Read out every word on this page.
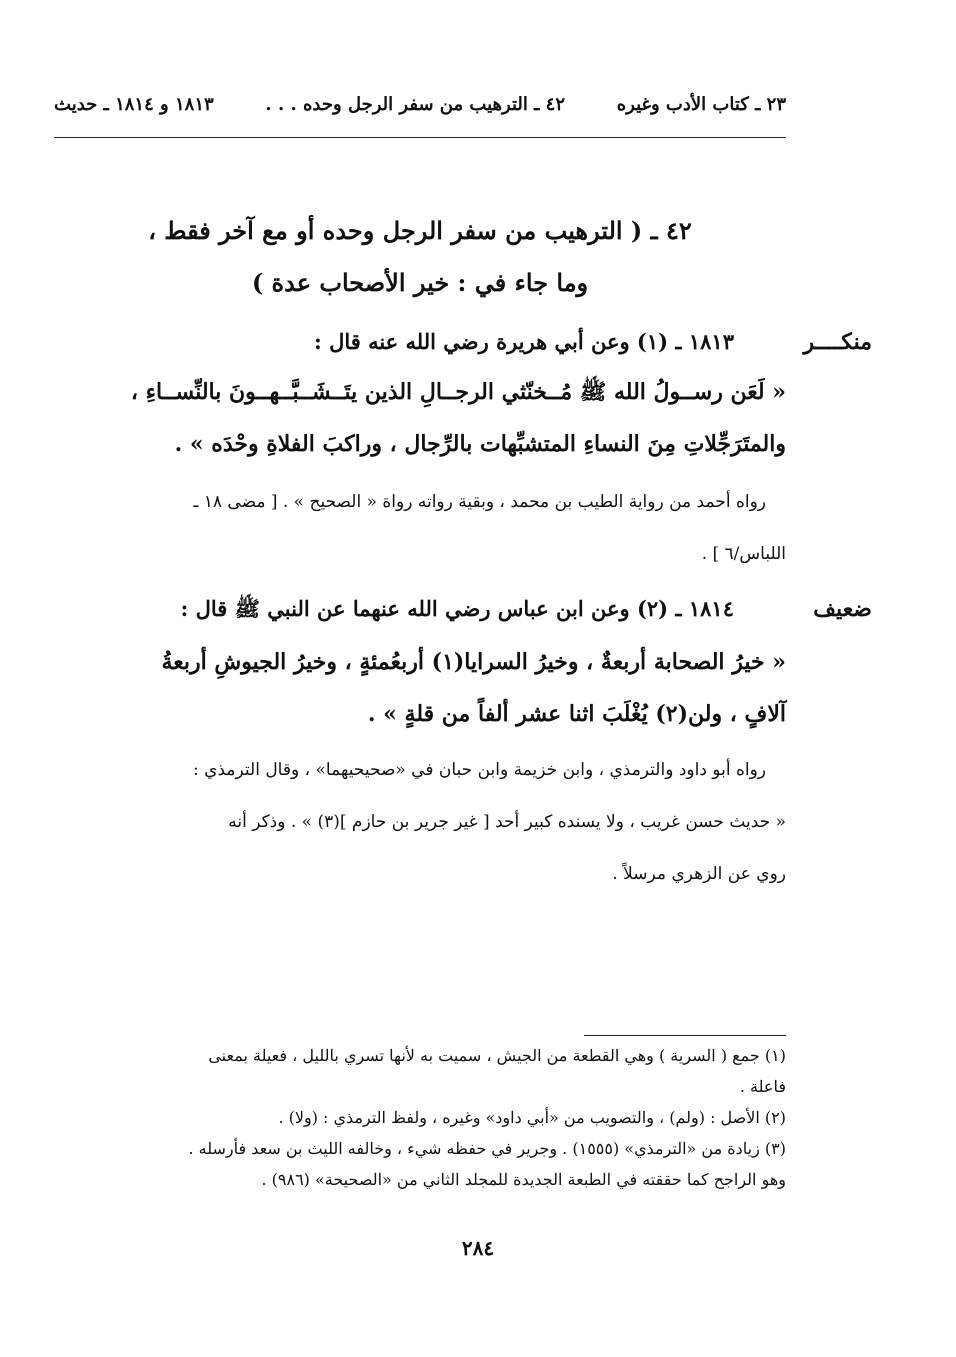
٢٣ ـ كتاب الأدب وغيره
٤٢ ـ الترهيب من سفر الرجل وحده . . .
١٨١٣ و ١٨١٤ ـ حديث
٤٢ ـ ( الترهيب من سفر الرجل وحده أو مع آخر فقط ،
وما جاء في : خير الأصحاب عدة )
منكــــر
١٨١٣ ـ (١) وعن أبي هريرة رضي الله عنه قال :
« لَعَن رســولُ الله ﷺ مُــخنّثي الرجــالِ الذين يتَــشَــبَّــهــونَ بالنِّســاءِ ،
والمتَرَجِّلاتِ مِنَ النساءِ المتشبِّهات بالرِّجال ، وراكبَ الفلاةِ وحْدَه » .
رواه أحمد من رواية الطيب بن محمد ، وبقية رواته رواة « الصحيح » . [ مضى ١٨ ـ
اللباس/٦ ] .
ضعيف
١٨١٤ ـ (٢) وعن ابن عباس رضي الله عنهما عن النبي ﷺ قال :
« خيرُ الصحابة أربعةٌ ، وخيرُ السرايا(١) أربعُمئةٍ ، وخيرُ الجيوشِ أربعةُ
آلافٍ ، ولن(٢) يُغْلَبَ اثنا عشر ألفاً من قلةٍ » .
رواه أبو داود والترمذي ، وابن خزيمة وابن حبان في «صحيحيهما» ، وقال الترمذي :
« حديث حسن غريب ، ولا يسنده كبير أحد [ غير جرير بن حازم ](٣) » . وذكر أنه
روي عن الزهري مرسلاً .
(١) جمع ( السرية ) وهي القطعة من الجيش ، سميت به لأنها تسري بالليل ، فعيلة بمعنى
فاعلة .
(٢) الأصل : (ولم) ، والتصويب من «أبي داود» وغيره ، ولفظ الترمذي : (ولا) .
(٣) زيادة من «الترمذي» (١٥٥٥) . وجرير في حفظه شيء ، وخالفه الليث بن سعد فأرسله .
وهو الراجح كما حققته في الطبعة الجديدة للمجلد الثاني من «الصحيحة» (٩٨٦) .
٢٨٤
